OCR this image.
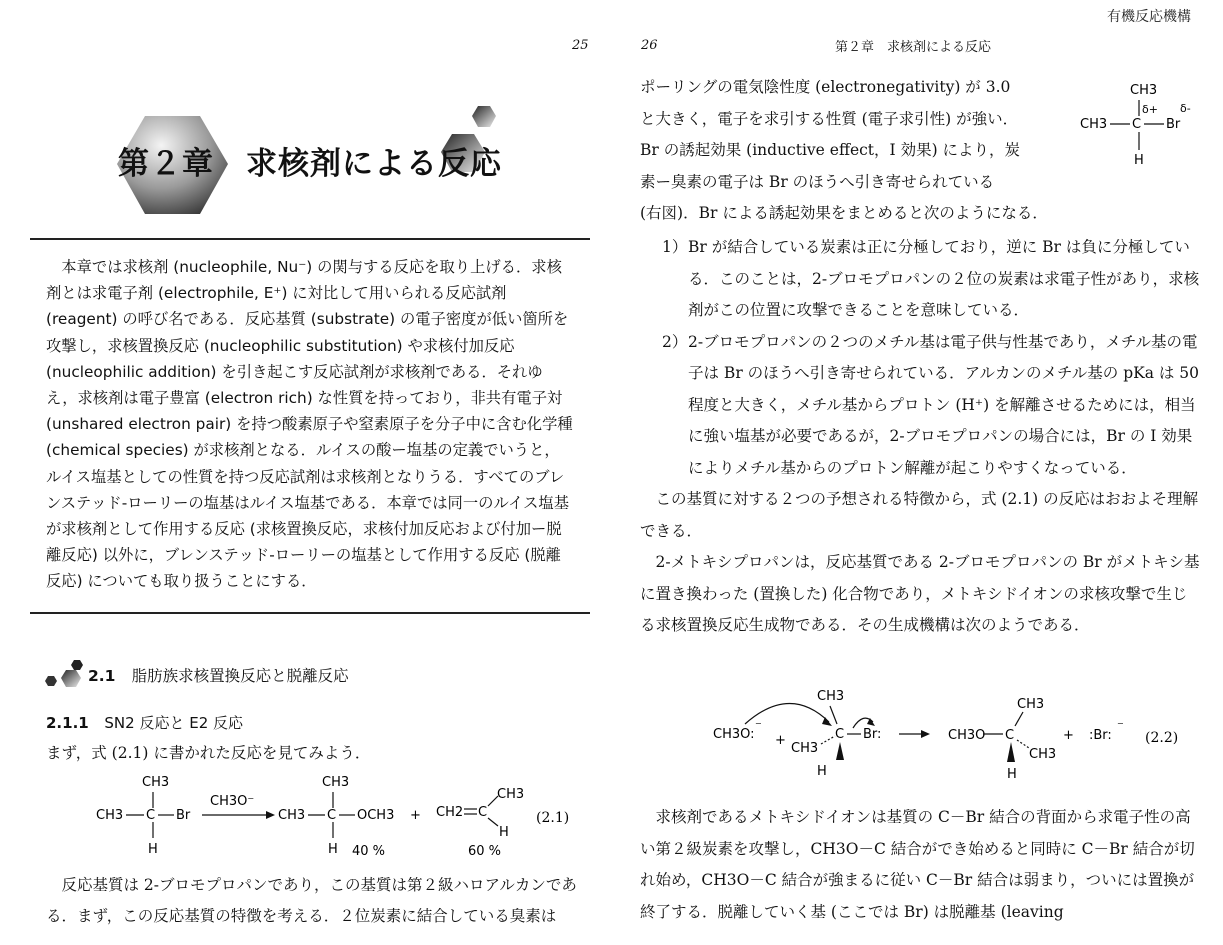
有機反応機構
25
第２章　求核剤による反応

本章では求核剤 (nucleophile, Nu⁻) の関与する反応を取り上げる．求核剤とは求電子剤 (electrophile, E⁺) に対比して用いられる反応試剤 (reagent) の呼び名である．反応基質 (substrate) の電子密度が低い箇所を攻撃し，求核置換反応 (nucleophilic substitution) や求核付加反応 (nucleophilic addition) を引き起こす反応試剤が求核剤である．それゆえ，求核剤は電子豊富 (electron rich) な性質を持っており，非共有電子対 (unshared electron pair) を持つ酸素原子や窒素原子を分子中に含む化学種 (chemical species) が求核剤となる．ルイスの酸ー塩基の定義でいうと，ルイス塩基としての性質を持つ反応試剤は求核剤となりうる．すべてのブレンステッド-ローリーの塩基はルイス塩基である．本章では同一のルイス塩基が求核剤として作用する反応 (求核置換反応，求核付加反応および付加ー脱離反応) 以外に，ブレンステッド-ローリーの塩基として作用する反応 (脱離反応) についても取り扱うことにする．

2.1 脂肪族求核置換反応と脱離反応
2.1.1 SN2 反応と E2 反応
まず，式 (2.1) に書かれた反応を見てみよう．
CH3
CH3 C Br
H
CH3O⁻
CH3
CH3 C OCH3
H 40 %
+ CH2 C
CH3
H
60 %
(2.1)
反応基質は 2-ブロモプロパンであり，この基質は第２級ハロアルカンである．まず，この反応基質の特徴を考える．２位炭素に結合している臭素は
26	第２章　求核剤による反応
ポーリングの電気陰性度 (electronegativity) が 3.0
と大きく，電子を求引する性質 (電子求引性) が強い．
Br の誘起効果 (inductive effect，I 効果) により，炭
素ー臭素の電子は Br のほうへ引き寄せられている
(右図)．Br による誘起効果をまとめると次のようになる．
CH3
δ+
CH3 C Br
δ-
H

1） Br が結合している炭素は正に分極しており，逆に Br は負に分極している．このことは，2-ブロモプロパンの２位の炭素は求電子性があり，求核剤がこの位置に攻撃できることを意味している．

2） 2-ブロモプロパンの２つのメチル基は電子供与性基であり，メチル基の電子は Br のほうへ引き寄せられている．アルカンのメチル基の pKa は 50 程度と大きく，メチル基からプロトン (H⁺) を解離させるためには，相当に強い塩基が必要であるが，2-ブロモプロパンの場合には，Br の I 効果によりメチル基からのプロトン解離が起こりやすくなっている．

この基質に対する２つの予想される特徴から，式 (2.1) の反応はおおよそ理解できる．

2-メトキシプロパンは，反応基質である 2-ブロモプロパンの Br がメトキシ基に置き換わった (置換した) 化合物であり，メトキシドイオンの求核攻撃で生じる求核置換反応生成物である．その生成機構は次のようである．

CH3O:
⁻
+
CH3
CH3
C Br:
H
CH3O C
CH3
CH3
H
+ :Br:
⁻
(2.2)
求核剤であるメトキシドイオンは基質の C－Br 結合の背面から求電子性の高い第２級炭素を攻撃し，CH3O－C 結合ができ始めると同時に C－Br 結合が切れ始め，CH3O－C 結合が強まるに従い C－Br 結合は弱まり，ついには置換が終了する．脱離していく基 (ここでは Br) は脱離基 (leaving
